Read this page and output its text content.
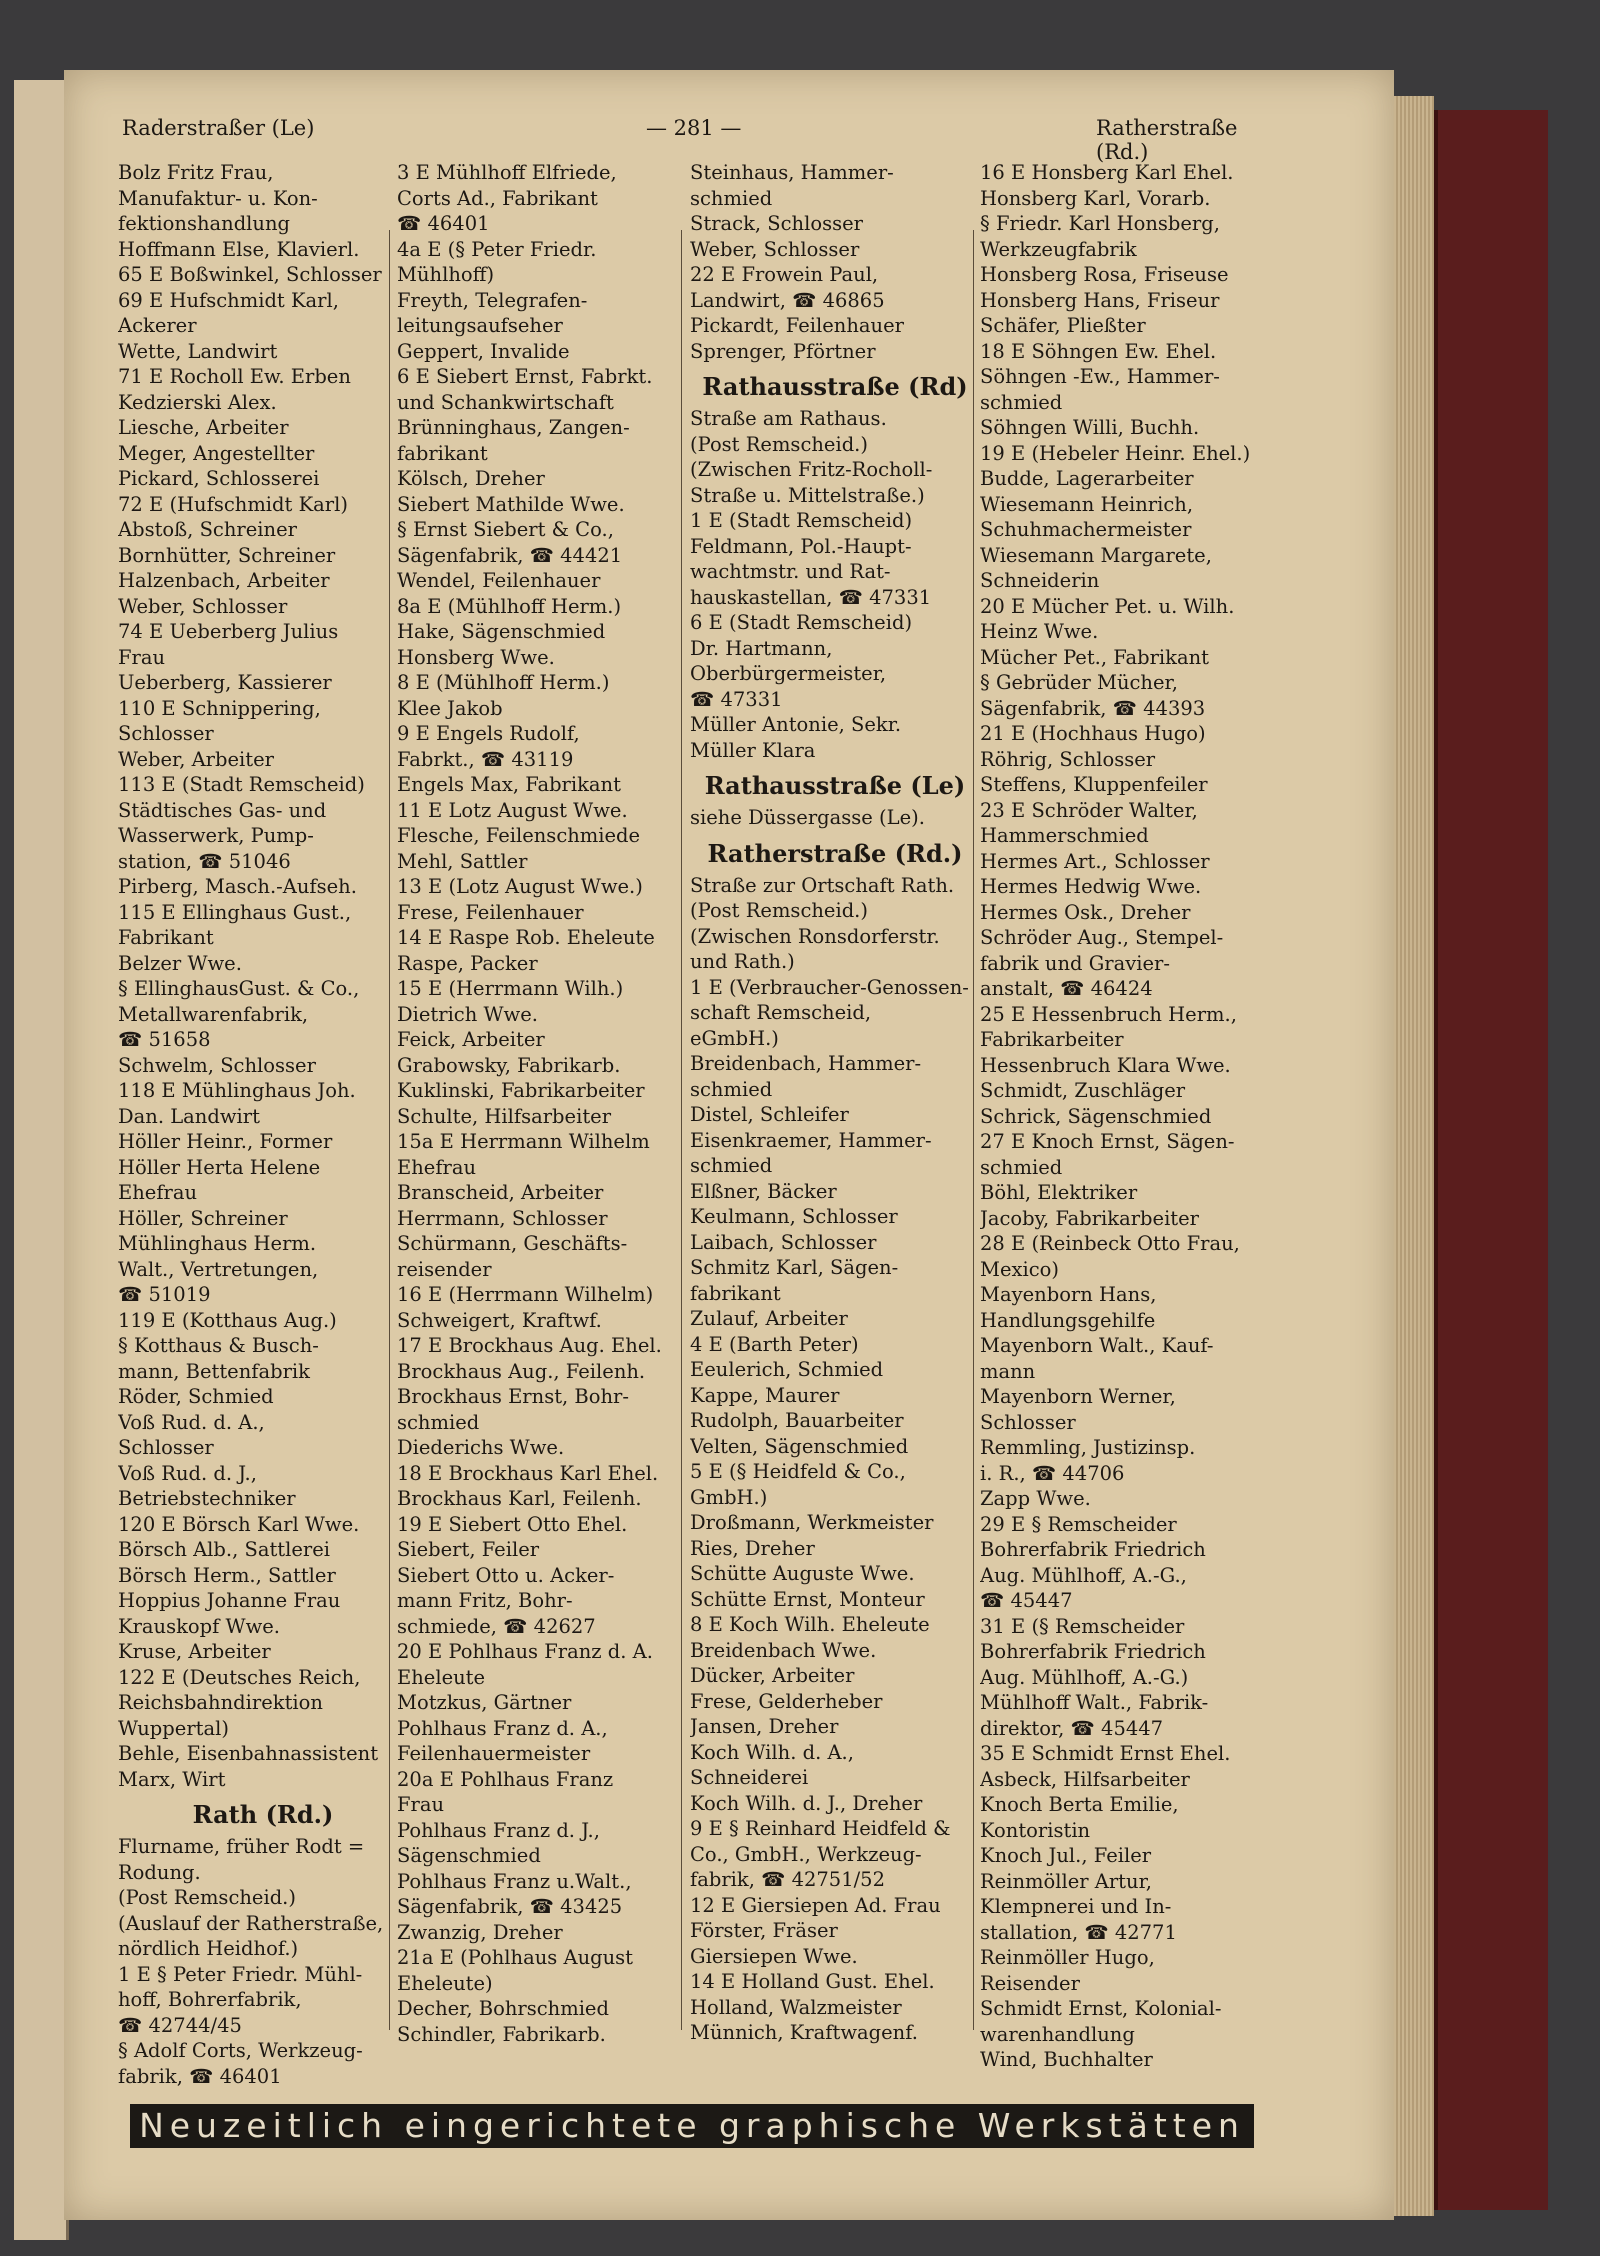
Raderstraßer (Le)	— 281 —	Ratherstraße (Rd.)
Bolz Fritz Frau,
Manufaktur- u. Kon-
fektionshandlung
Hoffmann Else, Klavierl.
65 E Boßwinkel, Schlosser
69 E Hufschmidt Karl,
Ackerer
Wette, Landwirt
71 E Rocholl Ew. Erben
Kedzierski Alex.
Liesche, Arbeiter
Meger, Angestellter
Pickard, Schlosserei
72 E (Hufschmidt Karl)
Abstoß, Schreiner
Bornhütter, Schreiner
Halzenbach, Arbeiter
Weber, Schlosser
74 E Ueberberg Julius
Frau
Ueberberg, Kassierer
110 E Schnippering,
Schlosser
Weber, Arbeiter
113 E (Stadt Remscheid)
Städtisches Gas- und
Wasserwerk, Pump-
station, ☎ 51046
Pirberg, Masch.-Aufseh.
115 E Ellinghaus Gust.,
Fabrikant
Belzer Wwe.
§ EllinghausGust. & Co.,
Metallwarenfabrik,
☎ 51658
Schwelm, Schlosser
118 E Mühlinghaus Joh.
Dan. Landwirt
Höller Heinr., Former
Höller Herta Helene
Ehefrau
Höller, Schreiner
Mühlinghaus Herm.
Walt., Vertretungen,
☎ 51019
119 E (Kotthaus Aug.)
§ Kotthaus & Busch-
mann, Bettenfabrik
Röder, Schmied
Voß Rud. d. A.,
Schlosser
Voß Rud. d. J.,
Betriebstechniker
120 E Börsch Karl Wwe.
Börsch Alb., Sattlerei
Börsch Herm., Sattler
Hoppius Johanne Frau
Krauskopf Wwe.
Kruse, Arbeiter
122 E (Deutsches Reich,
Reichsbahndirektion
Wuppertal)
Behle, Eisenbahnassistent
Marx, Wirt
Rath (Rd.)
Flurname, früher Rodt =
Rodung.
(Post Remscheid.)
(Auslauf der Ratherstraße,
nördlich Heidhof.)
1 E § Peter Friedr. Mühl-
hoff, Bohrerfabrik,
☎ 42744/45
§ Adolf Corts, Werkzeug-
fabrik, ☎ 46401
3 E Mühlhoff Elfriede,
Corts Ad., Fabrikant
☎ 46401
4a E (§ Peter Friedr.
Mühlhoff)
Freyth, Telegrafen-
leitungsaufseher
Geppert, Invalide
6 E Siebert Ernst, Fabrkt.
und Schankwirtschaft
Brünninghaus, Zangen-
fabrikant
Kölsch, Dreher
Siebert Mathilde Wwe.
§ Ernst Siebert & Co.,
Sägenfabrik, ☎ 44421
Wendel, Feilenhauer
8a E (Mühlhoff Herm.)
Hake, Sägenschmied
Honsberg Wwe.
8 E (Mühlhoff Herm.)
Klee Jakob
9 E Engels Rudolf,
Fabrkt., ☎ 43119
Engels Max, Fabrikant
11 E Lotz August Wwe.
Flesche, Feilenschmiede
Mehl, Sattler
13 E (Lotz August Wwe.)
Frese, Feilenhauer
14 E Raspe Rob. Eheleute
Raspe, Packer
15 E (Herrmann Wilh.)
Dietrich Wwe.
Feick, Arbeiter
Grabowsky, Fabrikarb.
Kuklinski, Fabrikarbeiter
Schulte, Hilfsarbeiter
15a E Herrmann Wilhelm
Ehefrau
Branscheid, Arbeiter
Herrmann, Schlosser
Schürmann, Geschäfts-
reisender
16 E (Herrmann Wilhelm)
Schweigert, Kraftwf.
17 E Brockhaus Aug. Ehel.
Brockhaus Aug., Feilenh.
Brockhaus Ernst, Bohr-
schmied
Diederichs Wwe.
18 E Brockhaus Karl Ehel.
Brockhaus Karl, Feilenh.
19 E Siebert Otto Ehel.
Siebert, Feiler
Siebert Otto u. Acker-
mann Fritz, Bohr-
schmiede, ☎ 42627
20 E Pohlhaus Franz d. A.
Eheleute
Motzkus, Gärtner
Pohlhaus Franz d. A.,
Feilenhauermeister
20a E Pohlhaus Franz
Frau
Pohlhaus Franz d. J.,
Sägenschmied
Pohlhaus Franz u.Walt.,
Sägenfabrik, ☎ 43425
Zwanzig, Dreher
21a E (Pohlhaus August
Eheleute)
Decher, Bohrschmied
Schindler, Fabrikarb.
Steinhaus, Hammer-
schmied
Strack, Schlosser
Weber, Schlosser
22 E Frowein Paul,
Landwirt, ☎ 46865
Pickardt, Feilenhauer
Sprenger, Pförtner
Rathausstraße (Rd)
Straße am Rathaus.
(Post Remscheid.)
(Zwischen Fritz-Rocholl-
Straße u. Mittelstraße.)
1 E (Stadt Remscheid)
Feldmann, Pol.-Haupt-
wachtmstr. und Rat-
hauskastellan, ☎ 47331
6 E (Stadt Remscheid)
Dr. Hartmann,
Oberbürgermeister,
☎ 47331
Müller Antonie, Sekr.
Müller Klara
Rathausstraße (Le)
siehe Düssergasse (Le).
Ratherstraße (Rd.)
Straße zur Ortschaft Rath.
(Post Remscheid.)
(Zwischen Ronsdorferstr.
und Rath.)
1 E (Verbraucher-Genossen-
schaft Remscheid,
eGmbH.)
Breidenbach, Hammer-
schmied
Distel, Schleifer
Eisenkraemer, Hammer-
schmied
Elßner, Bäcker
Keulmann, Schlosser
Laibach, Schlosser
Schmitz Karl, Sägen-
fabrikant
Zulauf, Arbeiter
4 E (Barth Peter)
Eeulerich, Schmied
Kappe, Maurer
Rudolph, Bauarbeiter
Velten, Sägenschmied
5 E (§ Heidfeld & Co.,
GmbH.)
Droßmann, Werkmeister
Ries, Dreher
Schütte Auguste Wwe.
Schütte Ernst, Monteur
8 E Koch Wilh. Eheleute
Breidenbach Wwe.
Dücker, Arbeiter
Frese, Gelderheber
Jansen, Dreher
Koch Wilh. d. A.,
Schneiderei
Koch Wilh. d. J., Dreher
9 E § Reinhard Heidfeld &
Co., GmbH., Werkzeug-
fabrik, ☎ 42751/52
12 E Giersiepen Ad. Frau
Förster, Fräser
Giersiepen Wwe.
14 E Holland Gust. Ehel.
Holland, Walzmeister
Münnich, Kraftwagenf.
16 E Honsberg Karl Ehel.
Honsberg Karl, Vorarb.
§ Friedr. Karl Honsberg,
Werkzeugfabrik
Honsberg Rosa, Friseuse
Honsberg Hans, Friseur
Schäfer, Pließter
18 E Söhngen Ew. Ehel.
Söhngen -Ew., Hammer-
schmied
Söhngen Willi, Buchh.
19 E (Hebeler Heinr. Ehel.)
Budde, Lagerarbeiter
Wiesemann Heinrich,
Schuhmachermeister
Wiesemann Margarete,
Schneiderin
20 E Mücher Pet. u. Wilh.
Heinz Wwe.
Mücher Pet., Fabrikant
§ Gebrüder Mücher,
Sägenfabrik, ☎ 44393
21 E (Hochhaus Hugo)
Röhrig, Schlosser
Steffens, Kluppenfeiler
23 E Schröder Walter,
Hammerschmied
Hermes Art., Schlosser
Hermes Hedwig Wwe.
Hermes Osk., Dreher
Schröder Aug., Stempel-
fabrik und Gravier-
anstalt, ☎ 46424
25 E Hessenbruch Herm.,
Fabrikarbeiter
Hessenbruch Klara Wwe.
Schmidt, Zuschläger
Schrick, Sägenschmied
27 E Knoch Ernst, Sägen-
schmied
Böhl, Elektriker
Jacoby, Fabrikarbeiter
28 E (Reinbeck Otto Frau,
Mexico)
Mayenborn Hans,
Handlungsgehilfe
Mayenborn Walt., Kauf-
mann
Mayenborn Werner,
Schlosser
Remmling, Justizinsp.
i. R., ☎ 44706
Zapp Wwe.
29 E § Remscheider
Bohrerfabrik Friedrich
Aug. Mühlhoff, A.-G.,
☎ 45447
31 E (§ Remscheider
Bohrerfabrik Friedrich
Aug. Mühlhoff, A.-G.)
Mühlhoff Walt., Fabrik-
direktor, ☎ 45447
35 E Schmidt Ernst Ehel.
Asbeck, Hilfsarbeiter
Knoch Berta Emilie,
Kontoristin
Knoch Jul., Feiler
Reinmöller Artur,
Klempnerei und In-
stallation, ☎ 42771
Reinmöller Hugo,
Reisender
Schmidt Ernst, Kolonial-
warenhandlung
Wind, Buchhalter
Neuzeitlich eingerichtete graphische Werkstätten
